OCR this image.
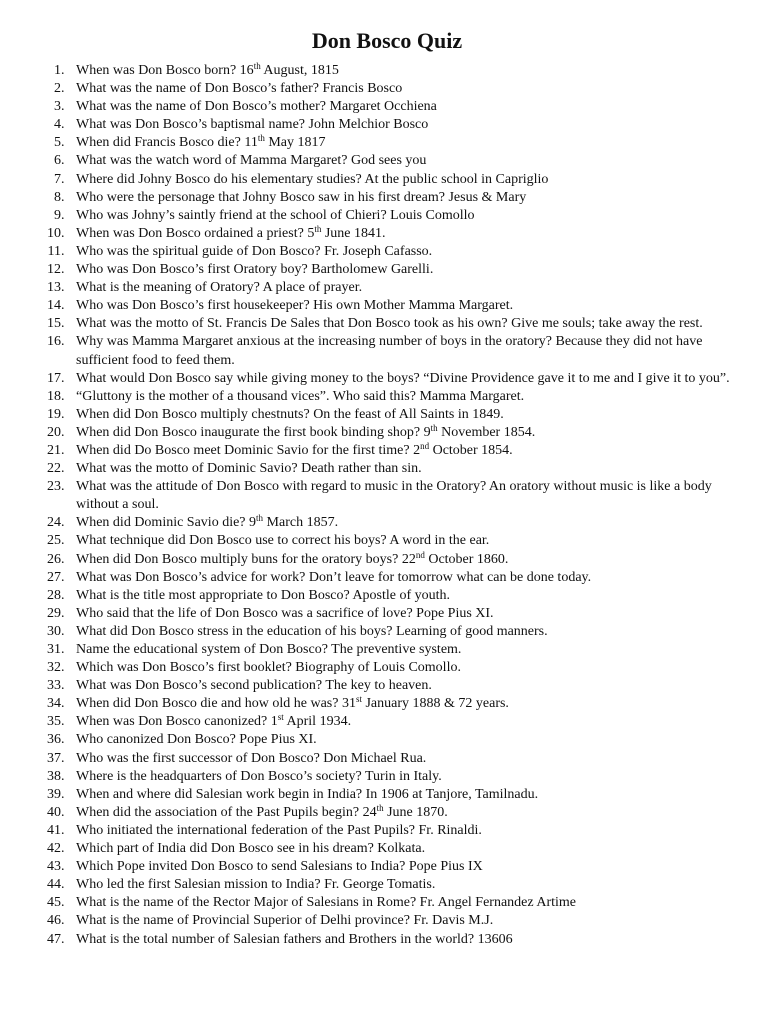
Don Bosco Quiz
1. When was Don Bosco born? 16th August, 1815
2. What was the name of Don Bosco’s father? Francis Bosco
3. What was the name of Don Bosco’s mother? Margaret Occhiena
4. What was Don Bosco’s baptismal name? John Melchior Bosco
5. When did Francis Bosco die? 11th May 1817
6. What was the watch word of Mamma Margaret? God sees you
7. Where did Johny Bosco do his elementary studies? At the public school in Capriglio
8. Who were the personage that Johny Bosco saw in his first dream? Jesus & Mary
9. Who was Johny’s saintly friend at the school of Chieri? Louis Comollo
10. When was Don Bosco ordained a priest? 5th June 1841.
11. Who was the spiritual guide of Don Bosco? Fr. Joseph Cafasso.
12. Who was Don Bosco’s first Oratory boy? Bartholomew Garelli.
13. What is the meaning of Oratory? A place of prayer.
14. Who was Don Bosco’s first housekeeper? His own Mother Mamma Margaret.
15. What was the motto of St. Francis De Sales that Don Bosco took as his own? Give me souls; take away the rest.
16. Why was Mamma Margaret anxious at the increasing number of boys in the oratory? Because they did not have sufficient food to feed them.
17. What would Don Bosco say while giving money to the boys? “Divine Providence gave it to me and I give it to you”.
18. “Gluttony is the mother of a thousand vices”. Who said this? Mamma Margaret.
19. When did Don Bosco multiply chestnuts? On the feast of All Saints in 1849.
20. When did Don Bosco inaugurate the first book binding shop? 9th November 1854.
21. When did Do Bosco meet Dominic Savio for the first time? 2nd October 1854.
22. What was the motto of Dominic Savio? Death rather than sin.
23. What was the attitude of Don Bosco with regard to music in the Oratory? An oratory without music is like a body without a soul.
24. When did Dominic Savio die? 9th March 1857.
25. What technique did Don Bosco use to correct his boys? A word in the ear.
26. When did Don Bosco multiply buns for the oratory boys? 22nd October 1860.
27. What was Don Bosco’s advice for work? Don’t leave for tomorrow what can be done today.
28. What is the title most appropriate to Don Bosco? Apostle of youth.
29. Who said that the life of Don Bosco was a sacrifice of love? Pope Pius XI.
30. What did Don Bosco stress in the education of his boys? Learning of good manners.
31. Name the educational system of Don Bosco? The preventive system.
32. Which was Don Bosco’s first booklet? Biography of Louis Comollo.
33. What was Don Bosco’s second publication? The key to heaven.
34. When did Don Bosco die and how old he was? 31st January 1888 & 72 years.
35. When was Don Bosco canonized? 1st April 1934.
36. Who canonized Don Bosco? Pope Pius XI.
37. Who was the first successor of Don Bosco? Don Michael Rua.
38. Where is the headquarters of Don Bosco’s society? Turin in Italy.
39. When and where did Salesian work begin in India? In 1906 at Tanjore, Tamilnadu.
40. When did the association of the Past Pupils begin? 24th June 1870.
41. Who initiated the international federation of the Past Pupils? Fr. Rinaldi.
42. Which part of India did Don Bosco see in his dream? Kolkata.
43. Which Pope invited Don Bosco to send Salesians to India? Pope Pius IX
44. Who led the first Salesian mission to India? Fr. George Tomatis.
45. What is the name of the Rector Major of Salesians in Rome? Fr. Angel Fernandez Artime
46. What is the name of Provincial Superior of Delhi province? Fr. Davis M.J.
47. What is the total number of Salesian fathers and Brothers in the world? 13606
